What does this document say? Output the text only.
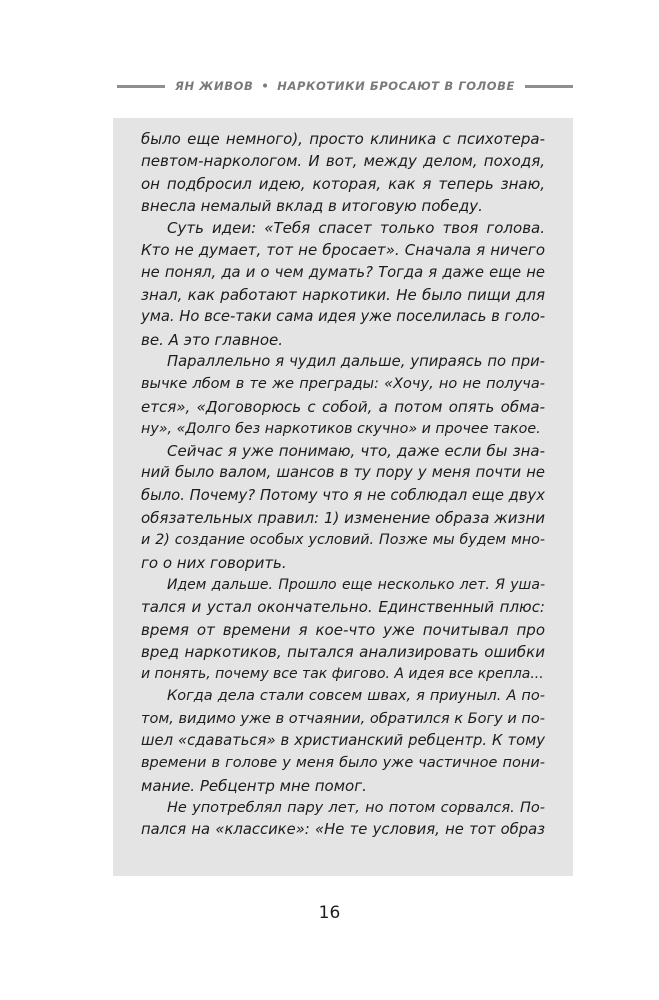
ЯН ЖИВОВ • НАРКОТИКИ БРОСАЮТ В ГОЛОВЕ
было еще немного), просто клиника с психотера-
певтом-наркологом. И вот, между делом, походя,
он подбросил идею, которая, как я теперь знаю,
внесла немалый вклад в итоговую победу.
Суть идеи: «Тебя спасет только твоя голова.
Кто не думает, тот не бросает». Сначала я ничего
не понял, да и о чем думать? Тогда я даже еще не
знал, как работают наркотики. Не было пищи для
ума. Но все-таки сама идея уже поселилась в голо-
ве. А это главное.
Параллельно я чудил дальше, упираясь по при-
вычке лбом в те же преграды: «Хочу, но не получа-
ется», «Договорюсь с собой, а потом опять обма-
ну», «Долго без наркотиков скучно» и прочее такое.
Сейчас я уже понимаю, что, даже если бы зна-
ний было валом, шансов в ту пору у меня почти не
было. Почему? Потому что я не соблюдал еще двух
обязательных правил: 1) изменение образа жизни
и 2) создание особых условий. Позже мы будем мно-
го о них говорить.
Идем дальше. Прошло еще несколько лет. Я ушa-
тался и устал окончательно. Единственный плюс:
время от времени я кое-что уже почитывал про
вред наркотиков, пытался анализировать ошибки
и понять, почему все так фигово. А идея все крепла...
Когда дела стали совсем швах, я приуныл. А по-
том, видимо уже в отчаянии, обратился к Богу и по-
шел «сдаваться» в христианский ребцентр. К тому
времени в голове у меня было уже частичное пони-
мание. Ребцентр мне помог.
Не употреблял пару лет, но потом сорвался. По-
пался на «классике»: «Не те условия, не тот образ
16
